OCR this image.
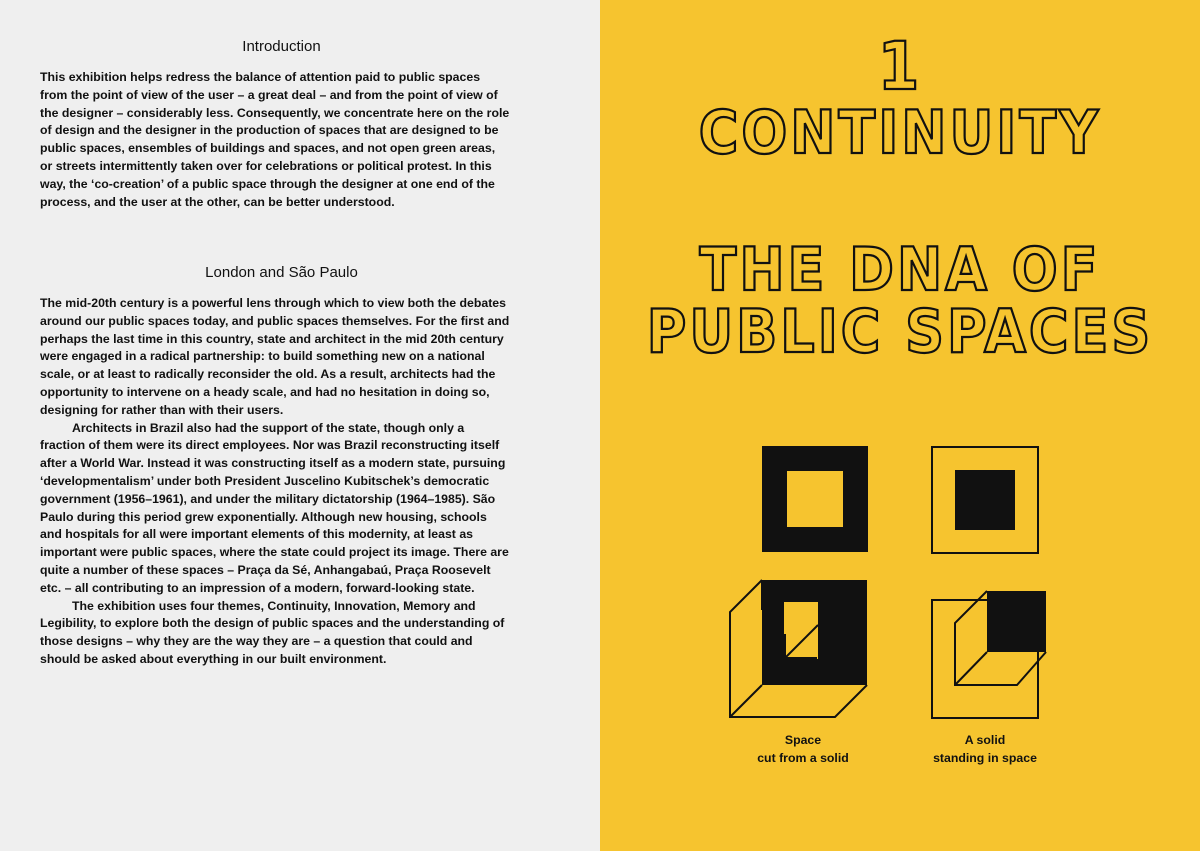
Introduction

This exhibition helps redress the balance of attention paid to public spaces from the point of view of the user – a great deal – and from the point of view of the designer – considerably less. Consequently, we concentrate here on the role of design and the designer in the production of spaces that are designed to be public spaces, ensembles of buildings and spaces, and not open green areas, or streets intermittently taken over for celebrations or political protest. In this way, the ‘co-creation’ of a public space through the designer at one end of the process, and the user at the other, can be better understood.

London and São Paulo

The mid-20th century is a powerful lens through which to view both the debates around our public spaces today, and public spaces themselves. For the first and perhaps the last time in this country, state and architect in the mid 20th century were engaged in a radical partnership: to build something new on a national scale, or at least to radically reconsider the old. As a result, architects had the opportunity to intervene on a heady scale, and had no hesitation in doing so, designing for rather than with their users.

Architects in Brazil also had the support of the state, though only a fraction of them were its direct employees. Nor was Brazil reconstructing itself after a World War. Instead it was constructing itself as a modern state, pursuing ‘developmentalism’ under both President Juscelino Kubitschek’s democratic government (1956–1961), and under the military dictatorship (1964–1985). São Paulo during this period grew exponentially. Although new housing, schools and hospitals for all were important elements of this modernity, at least as important were public spaces, where the state could project its image. There are quite a number of these spaces – Praça da Sé, Anhangabaú, Praça Roosevelt etc. – all contributing to an impression of a modern, forward-looking state.

The exhibition uses four themes, Continuity, Innovation, Memory and Legibility, to explore both the design of public spaces and the understanding of those designs – why they are the way they are – a question that could and should be asked about everything in our built environment.

1
CONTINUITY
THE DNA OF
PUBLIC SPACES
Space
cut from a solid
A solid
standing in space
